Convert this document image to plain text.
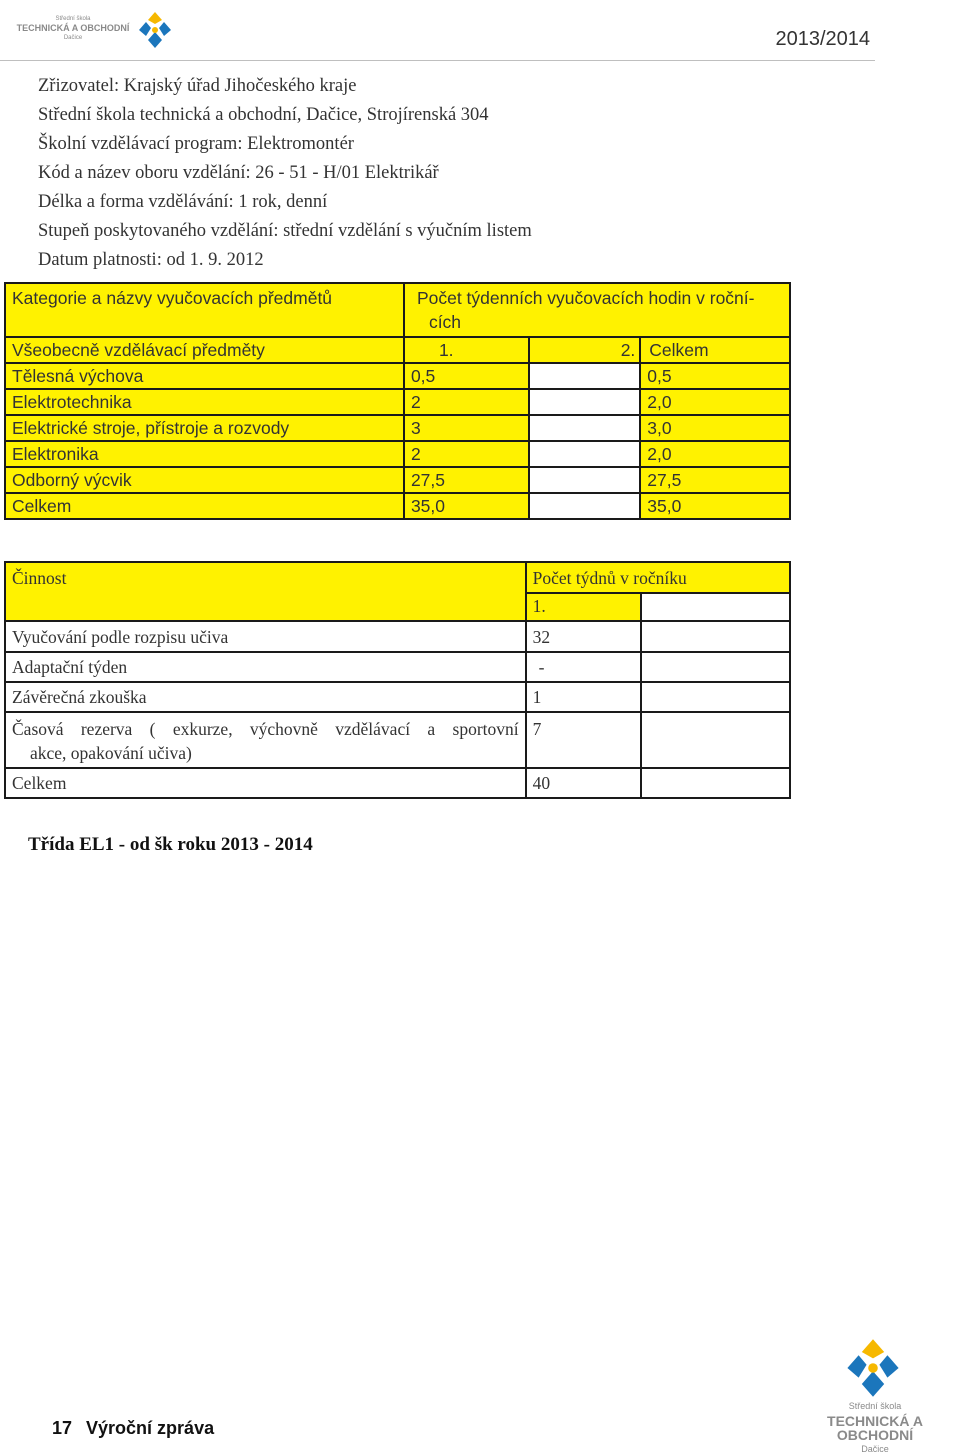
Střední škola
TECHNICKÁ A OBCHODNÍ
Dačice	2013/2014
Zřizovatel: Krajský úřad Jihočeského kraje
Střední škola technická a obchodní, Dačice, Strojírenská 304
Školní vzdělávací program: Elektromontér
Kód a název oboru vzdělání: 26 - 51 - H/01 Elektrikář
Délka a forma vzdělávání: 1 rok, denní
Stupeň poskytovaného vzdělání: střední vzdělání s výučním listem
Datum platnosti: od 1. 9. 2012
Kategorie a názvy vyučovacích předmětů	Počet týdenních vyučovacích hodin v roční-
cích		

Všeobecně vzdělávací předměty	1.	2.	Celkem
Tělesná výchova	0,5		0,5
Elektrotechnika	2		2,0
Elektrické stroje, přístroje a rozvody	3		3,0
Elektronika	2		2,0
Odborný výcvik	27,5		27,5
Celkem	35,0		35,0
Činnost	Počet týdnů v ročníku	
	1.	
Vyučování podle rozpisu učiva	32	
Adaptační týden	-	
Závěrečná zkouška	1	

Časová rezerva ( exkurze, výchovně vzdělávací a sportovní
akce, opakování učiva)	7	
Celkem	40	
Třída EL1 - od šk roku 2013 - 2014
17 Výroční zpráva
Střední škola
TECHNICKÁ A OBCHODNÍ
Dačice
